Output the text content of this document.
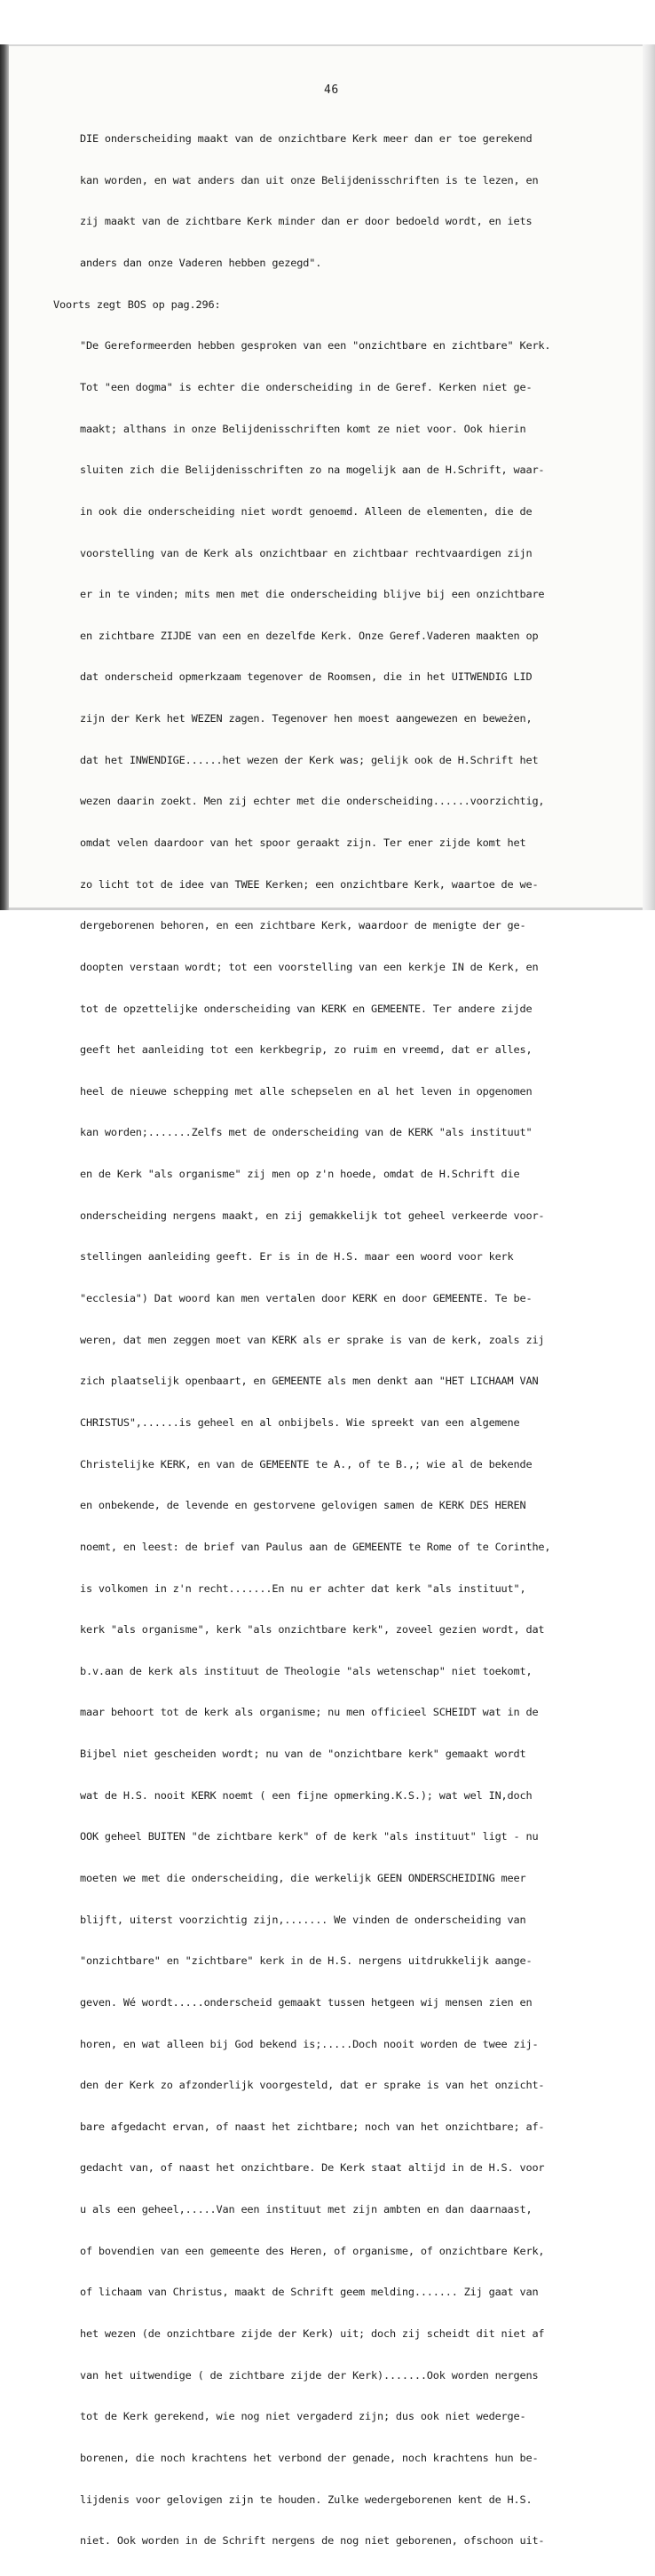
46

DIE onderscheiding maakt van de onzichtbare Kerk meer dan er toe gerekend

kan worden, en wat anders dan uit onze Belijdenisschriften is te lezen, en

zij maakt van de zichtbare Kerk minder dan er door bedoeld wordt, en iets

anders dan onze Vaderen hebben gezegd".

Voorts zegt BOS op pag.296:

"De Gereformeerden hebben gesproken van een "onzichtbare en zichtbare" Kerk.

Tot "een dogma" is echter die onderscheiding in de Geref. Kerken niet ge-

maakt; althans in onze Belijdenisschriften komt ze niet voor. Ook hierin

sluiten zich die Belijdenisschriften zo na mogelijk aan de H.Schrift, waar-

in ook die onderscheiding niet wordt genoemd. Alleen de elementen, die de

voorstelling van de Kerk als onzichtbaar en zichtbaar rechtvaardigen zijn

er in te vinden; mits men met die onderscheiding blijve bij een onzichtbare

en zichtbare ZIJDE van een en dezelfde Kerk. Onze Geref.Vaderen maakten op

dat onderscheid opmerkzaam tegenover de Roomsen, die in het UITWENDIG LID

zijn der Kerk het WEZEN zagen. Tegenover hen moest aangewezen en beweżen,

dat het INWENDIGE......het wezen der Kerk was; gelijk ook de H.Schrift het

wezen daarin zoekt. Men zij echter met die onderscheiding......voorzichtig,

omdat velen daardoor van het spoor geraakt zijn. Ter ener zijde komt het

zo licht tot de idee van TWEE Kerken; een onzichtbare Kerk, waartoe de we-

dergeborenen behoren, en een zichtbare Kerk, waardoor de menigte der ge-

doopten verstaan wordt; tot een voorstelling van een kerkje IN de Kerk, en

tot de opzettelijke onderscheiding van KERK en GEMEENTE. Ter andere zijde

geeft het aanleiding tot een kerkbegrip, zo ruim en vreemd, dat er alles,

heel de nieuwe schepping met alle schepselen en al het leven in opgenomen

kan worden;.......Zelfs met de onderscheiding van de KERK "als instituut"

en de Kerk "als organisme" zij men op z'n hoede, omdat de H.Schrift die

onderscheiding nergens maakt, en zij gemakkelijk tot geheel verkeerde voor-

stellingen aanleiding geeft. Er is in de H.S. maar een woord voor kerk

"ecclesia") Dat woord kan men vertalen door KERK en door GEMEENTE. Te be-

weren, dat men zeggen moet van KERK als er sprake is van de kerk, zoals zij

zich plaatselijk openbaart, en GEMEENTE als men denkt aan "HET LICHAAM VAN

CHRISTUS",......is geheel en al onbijbels. Wie spreekt van een algemene

Christelijke KERK, en van de GEMEENTE te A., of te B.,; wie al de bekende

en onbekende, de levende en gestorvene gelovigen samen de KERK DES HEREN

noemt, en leest: de brief van Paulus aan de GEMEENTE te Rome of te Corinthe,

is volkomen in z'n recht.......En nu er achter dat kerk "als instituut",

kerk "als organisme", kerk "als onzichtbare kerk", zoveel gezien wordt, dat

b.v.aan de kerk als instituut de Theologie "als wetenschap" niet toekomt,

maar behoort tot de kerk als organisme; nu men officieel SCHEIDT wat in de

Bijbel niet gescheiden wordt; nu van de "onzichtbare kerk" gemaakt wordt

wat de H.S. nooit KERK noemt ( een fijne opmerking.K.S.); wat wel IN,doch

OOK geheel BUITEN "de zichtbare kerk" of de kerk "als instituut" ligt - nu

moeten we met die onderscheiding, die werkelijk GEEN ONDERSCHEIDING meer

blijft, uiterst voorzichtig zijn,....... We vinden de onderscheiding van

"onzichtbare" en "zichtbare" kerk in de H.S. nergens uitdrukkelijk aange-

geven. Wé wordt.....onderscheid gemaakt tussen hetgeen wij mensen zien en

horen, en wat alleen bij God bekend is;.....Doch nooit worden de twee zij-

den der Kerk zo afzonderlijk voorgesteld, dat er sprake is van het onzicht-

bare afgedacht ervan, of naast het zichtbare; noch van het onzichtbare; af-

gedacht van, of naast het onzichtbare. De Kerk staat altijd in de H.S. voor

u als een geheel,.....Van een instituut met zijn ambten en dan daarnaast,

of bovendien van een gemeente des Heren, of organisme, of onzichtbare Kerk,

of lichaam van Christus, maakt de Schrift geem melding....... Zij gaat van

het wezen (de onzichtbare zijde der Kerk) uit; doch zij scheidt dit niet af

van het uitwendige ( de zichtbare zijde der Kerk).......Ook worden nergens

tot de Kerk gerekend, wie nog niet vergaderd zijn; dus ook niet wederge-

borenen, die noch krachtens het verbond der genade, noch krachtens hun be-

lijdenis voor gelovigen zijn te houden. Zulke wedergeborenen kent de H.S.

niet. Ook worden in de Schrift nergens de nog niet geborenen, ofschoon uit-
